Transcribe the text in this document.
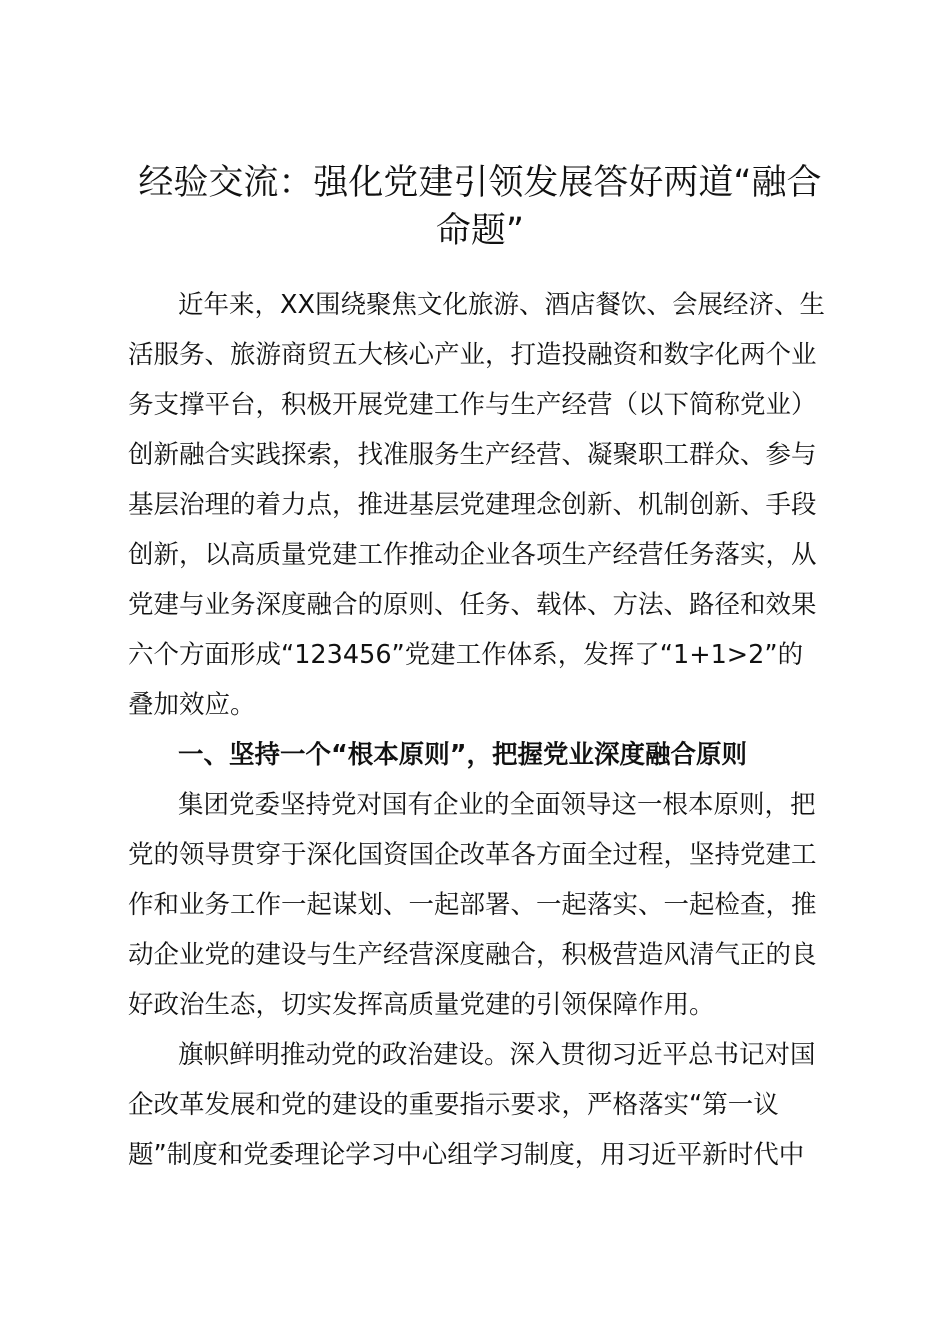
经验交流：强化党建引领发展答好两道“融合
命题”

近年来，XX围绕聚焦文化旅游、酒店餐饮、会展经济、生

活服务、旅游商贸五大核心产业，打造投融资和数字化两个业

务支撑平台，积极开展党建工作与生产经营（以下简称党业）

创新融合实践探索，找准服务生产经营、凝聚职工群众、参与

基层治理的着力点，推进基层党建理念创新、机制创新、手段

创新，以高质量党建工作推动企业各项生产经营任务落实，从

党建与业务深度融合的原则、任务、载体、方法、路径和效果

六个方面形成“123456”党建工作体系，发挥了“1+1>2”的

叠加效应。

一、坚持一个“根本原则”，把握党业深度融合原则

集团党委坚持党对国有企业的全面领导这一根本原则，把

党的领导贯穿于深化国资国企改革各方面全过程，坚持党建工

作和业务工作一起谋划、一起部署、一起落实、一起检查，推

动企业党的建设与生产经营深度融合，积极营造风清气正的良

好政治生态，切实发挥高质量党建的引领保障作用。

旗帜鲜明推动党的政治建设。深入贯彻习近平总书记对国

企改革发展和党的建设的重要指示要求，严格落实“第一议

题”制度和党委理论学习中心组学习制度，用习近平新时代中
